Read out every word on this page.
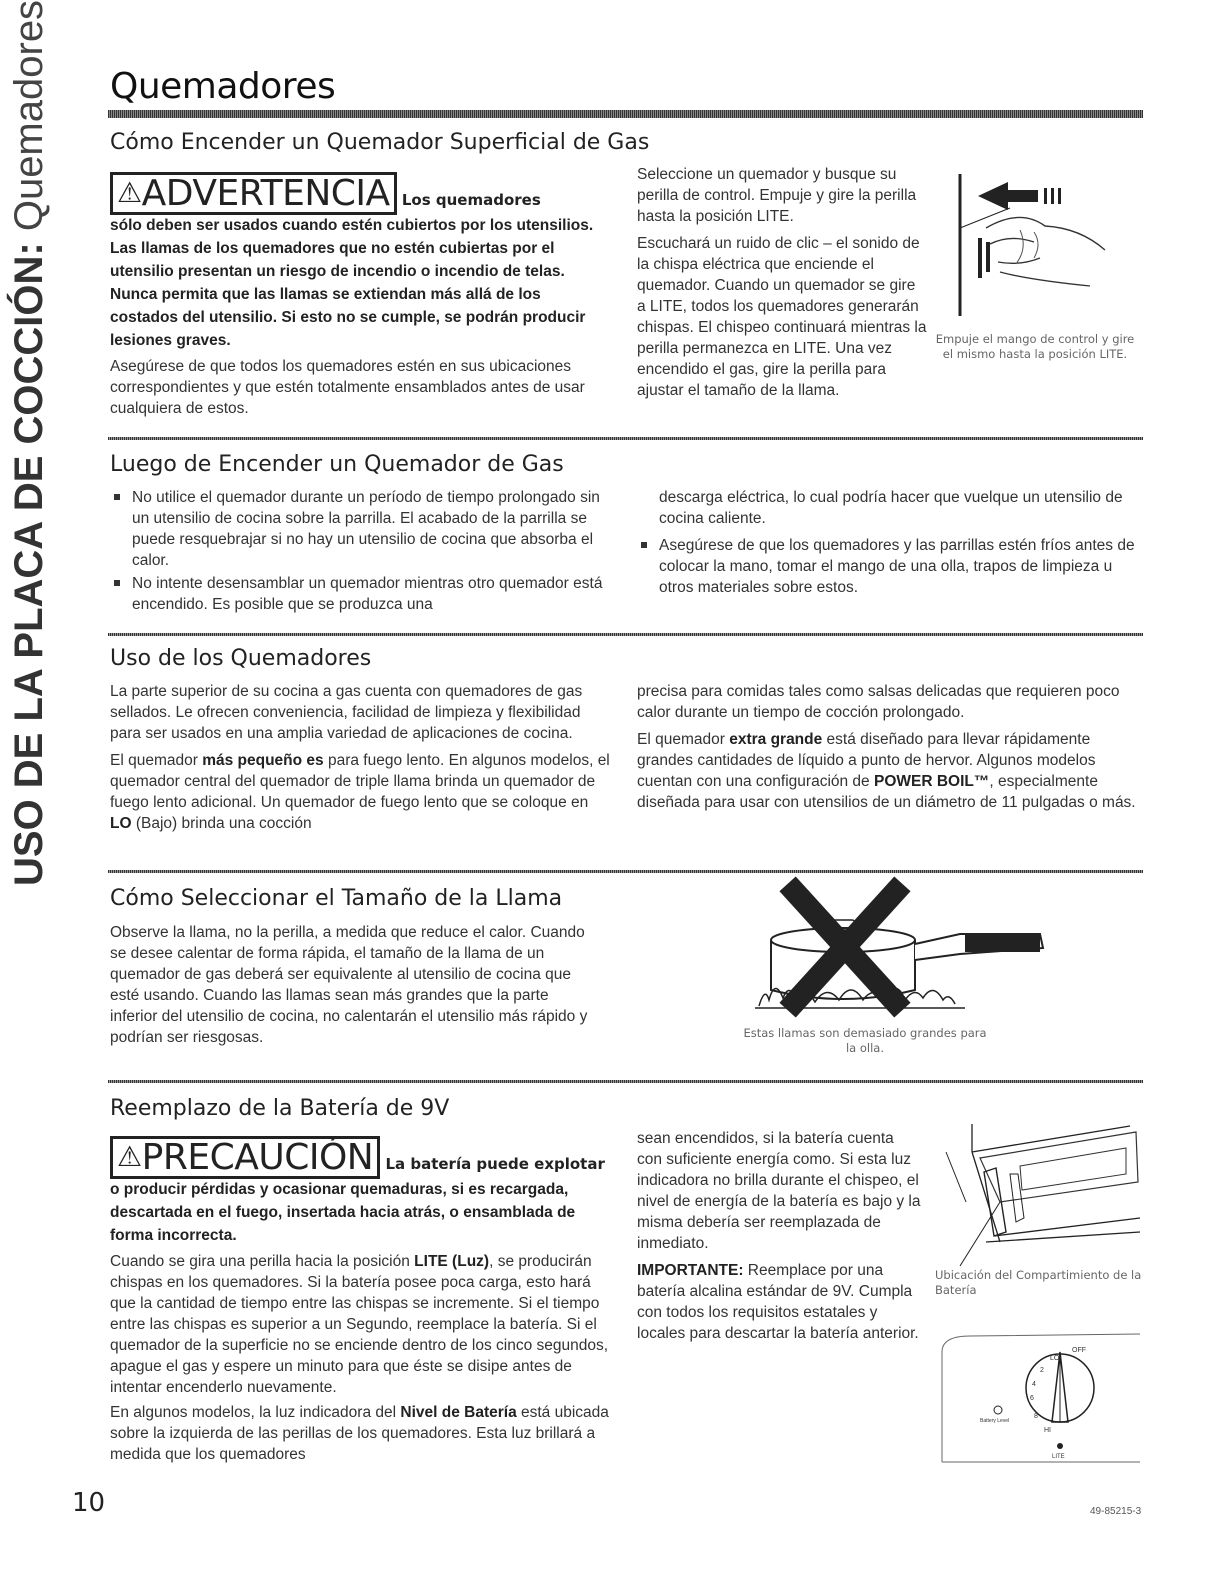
USO DE LA PLACA DE COCCIÓN: Quemadores Quemadores
Cómo Encender un Quemador Superficial de Gas
⚠ADVERTENCIA Los quemadores

sólo deben ser usados cuando estén cubiertos por los utensilios. Las llamas de los quemadores que no estén cubiertas por el utensilio presentan un riesgo de incendio o incendio de telas. Nunca permita que las llamas se extiendan más allá de los costados del utensilio. Si esto no se cumple, se podrán producir lesiones graves.

Asegúrese de que todos los quemadores estén en sus ubicaciones correspondientes y que estén totalmente ensamblados antes de usar cualquiera de estos.

Seleccione un quemador y busque su perilla de control. Empuje y gire la perilla hasta la posición LITE.

Escuchará un ruido de clic – el sonido de la chispa eléctrica que enciende el quemador. Cuando un quemador se gire a LITE, todos los quemadores generarán chispas. El chispeo continuará mientras la perilla permanezca en LITE. Una vez encendido el gas, gire la perilla para ajustar el tamaño de la llama.

Empuje el mango de control y gire el mismo hasta la posición LITE.
Luego de Encender un Quemador de Gas
No utilice el quemador durante un período de tiempo prolongado sin un utensilio de cocina sobre la parrilla. El acabado de la parrilla se puede resquebrajar si no hay un utensilio de cocina que absorba el calor.
No intente desensamblar un quemador mientras otro quemador está encendido. Es posible que se produzca una

descarga eléctrica, lo cual podría hacer que vuelque un utensilio de cocina caliente.

Asegúrese de que los quemadores y las parrillas estén fríos antes de colocar la mano, tomar el mango de una olla, trapos de limpieza u otros materiales sobre estos.
Uso de los Quemadores

La parte superior de su cocina a gas cuenta con quemadores de gas sellados. Le ofrecen conveniencia, facilidad de limpieza y flexibilidad para ser usados en una amplia variedad de aplicaciones de cocina.

El quemador más pequeño es para fuego lento. En algunos modelos, el quemador central del quemador de triple llama brinda un quemador de fuego lento adicional. Un quemador de fuego lento que se coloque en LO (Bajo) brinda una cocción

precisa para comidas tales como salsas delicadas que requieren poco calor durante un tiempo de cocción prolongado.

El quemador extra grande está diseñado para llevar rápidamente grandes cantidades de líquido a punto de hervor. Algunos modelos cuentan con una configuración de POWER BOIL™, especialmente diseñada para usar con utensilios de un diámetro de 11 pulgadas o más.

Cómo Seleccionar el Tamaño de la Llama

Observe la llama, no la perilla, a medida que reduce el calor. Cuando se desee calentar de forma rápida, el tamaño de la llama de un quemador de gas deberá ser equivalente al utensilio de cocina que esté usando. Cuando las llamas sean más grandes que la parte inferior del utensilio de cocina, no calentarán el utensilio más rápido y podrían ser riesgosas.	Estas llamas son demasiado grandes para la olla.
Reemplazo de la Batería de 9V
⚠PRECAUCIÓN La batería puede explotar

o producir pérdidas y ocasionar quemaduras, si es recargada, descartada en el fuego, insertada hacia atrás, o ensamblada de forma incorrecta.

Cuando se gira una perilla hacia la posición LITE (Luz), se producirán chispas en los quemadores. Si la batería posee poca carga, esto hará que la cantidad de tiempo entre las chispas se incremente. Si el tiempo entre las chispas es superior a un Segundo, reemplace la batería. Si el quemador de la superficie no se enciende dentro de los cinco segundos, apague el gas y espere un minuto para que éste se disipe antes de intentar encenderlo nuevamente.

En algunos modelos, la luz indicadora del Nivel de Batería está ubicada sobre la izquierda de las perillas de los quemadores. Esta luz brillará a medida que los quemadores

sean encendidos, si la batería cuenta con suficiente energía como. Si esta luz indicadora no brilla durante el chispeo, el nivel de energía de la batería es bajo y la misma debería ser reemplazada de inmediato.

IMPORTANTE: Reemplace por una batería alcalina estándar de 9V. Cumpla con todos los requisitos estatales y locales para descartar la batería anterior.

Ubicación del Compartimiento de la Batería
OFF
LO
2
4
6
8
HI
LITE
Battery Level
10	49-85215-3
